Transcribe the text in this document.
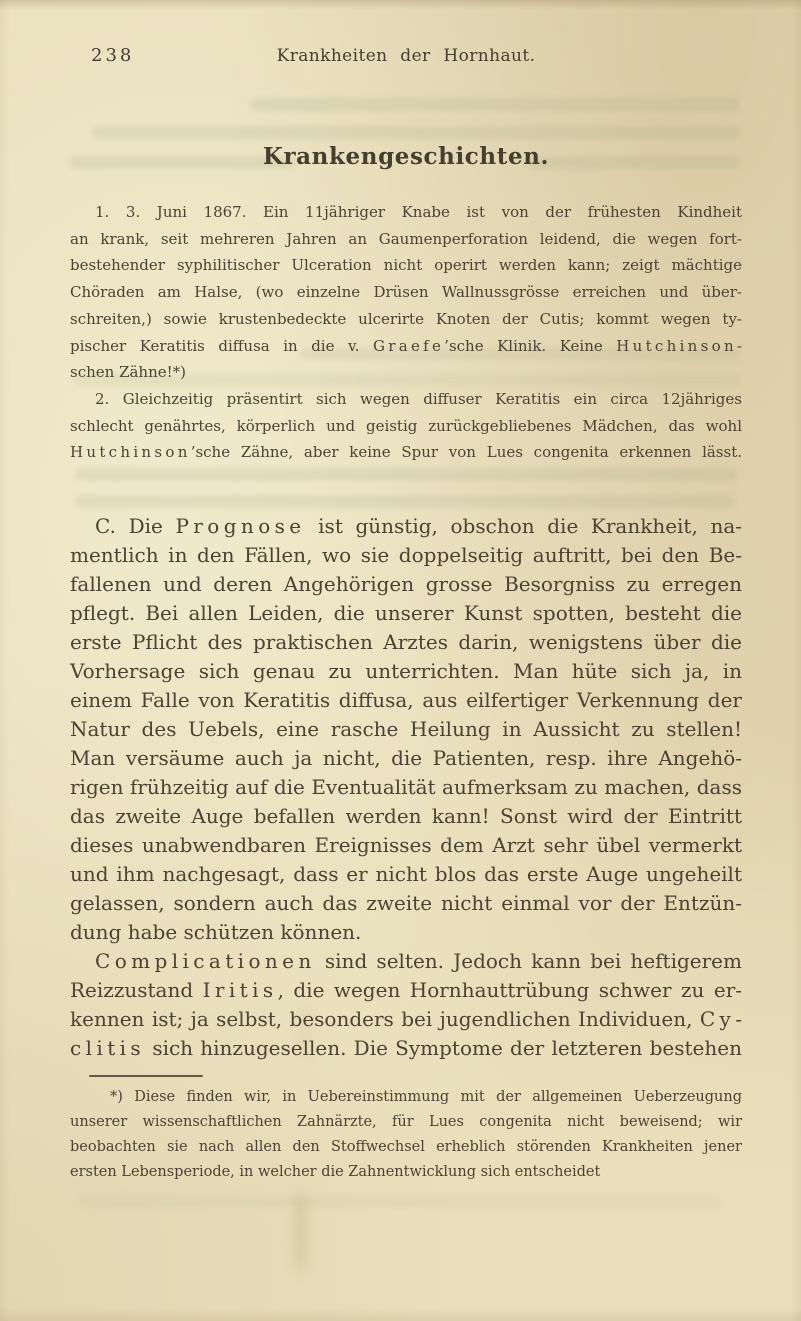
238	Krankheiten der Hornhaut.
Krankengeschichten.
1. 3. Juni 1867. Ein 11jähriger Knabe ist von der frühesten Kindheit
an krank, seit mehreren Jahren an Gaumenperforation leidend, die wegen fort-
bestehender syphilitischer Ulceration nicht operirt werden kann; zeigt mächtige
Chöraden am Halse, (wo einzelne Drüsen Wallnussgrösse erreichen und über-
schreiten,) sowie krustenbedeckte ulcerirte Knoten der Cutis; kommt wegen ty-
pischer Keratitis diffusa in die v. Graefe’sche Klinik. Keine Hutchinson-
schen Zähne!*)
2. Gleichzeitig präsentirt sich wegen diffuser Keratitis ein circa 12jähriges
schlecht genährtes, körperlich und geistig zurückgebliebenes Mädchen, das wohl
Hutchinson’sche Zähne, aber keine Spur von Lues congenita erkennen lässt.
C. Die Prognose ist günstig, obschon die Krankheit, na-
mentlich in den Fällen, wo sie doppelseitig auftritt, bei den Be-
fallenen und deren Angehörigen grosse Besorgniss zu erregen
pflegt. Bei allen Leiden, die unserer Kunst spotten, besteht die
erste Pflicht des praktischen Arztes darin, wenigstens über die
Vorhersage sich genau zu unterrichten. Man hüte sich ja, in
einem Falle von Keratitis diffusa, aus eilfertiger Verkennung der
Natur des Uebels, eine rasche Heilung in Aussicht zu stellen!
Man versäume auch ja nicht, die Patienten, resp. ihre Angehö-
rigen frühzeitig auf die Eventualität aufmerksam zu machen, dass
das zweite Auge befallen werden kann! Sonst wird der Eintritt
dieses unabwendbaren Ereignisses dem Arzt sehr übel vermerkt
und ihm nachgesagt, dass er nicht blos das erste Auge ungeheilt
gelassen, sondern auch das zweite nicht einmal vor der Entzün-
dung habe schützen können.
Complicationen sind selten. Jedoch kann bei heftigerem
Reizzustand Iritis, die wegen Hornhauttrübung schwer zu er-
kennen ist; ja selbst, besonders bei jugendlichen Individuen, Cy-
clitis sich hinzugesellen. Die Symptome der letzteren bestehen
*) Diese finden wir, in Uebereinstimmung mit der allgemeinen Ueberzeugung
unserer wissenschaftlichen Zahnärzte, für Lues congenita nicht beweisend; wir
beobachten sie nach allen den Stoffwechsel erheblich störenden Krankheiten jener
ersten Lebensperiode, in welcher die Zahnentwicklung sich entscheidet
